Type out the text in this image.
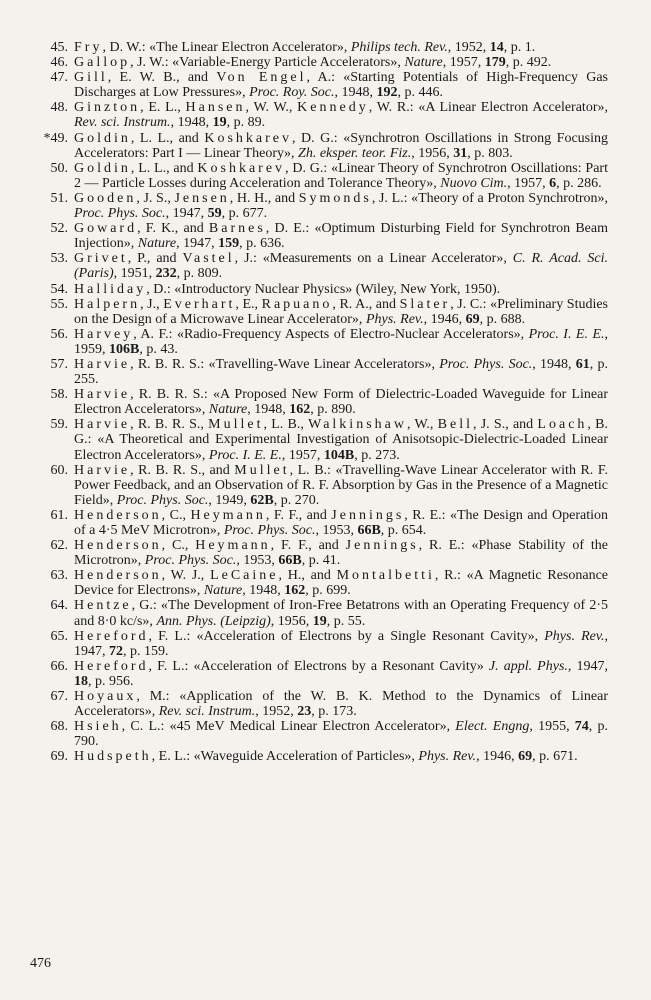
45. Fry, D. W.: «The Linear Electron Accelerator», Philips tech. Rev., 1952, 14, p. 1.
46. Gallop, J. W.: «Variable-Energy Particle Accelerators», Nature, 1957, 179, p. 492.
47. Gill, E. W. B., and Von Engel, A.: «Starting Potentials of High-Frequency Gas Discharges at Low Pressures», Proc. Roy. Soc., 1948, 192, p. 446.
48. Ginzton, E. L., Hansen, W. W., Kennedy, W. R.: «A Linear Electron Accelerator», Rev. sci. Instrum., 1948, 19, p. 89.
*49. Goldin, L. L., and Koshkarev, D. G.: «Synchrotron Oscillations in Strong Focusing Accelerators: Part I — Linear Theory», Zh. eksper. teor. Fiz., 1956, 31, p. 803.
50. Goldin, L. L., and Koshkarev, D. G.: «Linear Theory of Synchrotron Oscillations: Part 2 — Particle Losses during Acceleration and Tolerance Theory», Nuovo Cim., 1957, 6, p. 286.
51. Gooden, J. S., Jensen, H. H., and Symonds, J. L.: «Theory of a Proton Synchrotron», Proc. Phys. Soc., 1947, 59, p. 677.
52. Goward, F. K., and Barnes, D. E.: «Optimum Disturbing Field for Synchrotron Beam Injection», Nature, 1947, 159, p. 636.
53. Grivet, P., and Vastel, J.: «Measurements on a Linear Accelerator», C. R. Acad. Sci. (Paris), 1951, 232, p. 809.
54. Halliday, D.: «Introductory Nuclear Physics» (Wiley, New York, 1950).
55. Halpern, J., Everhart, E., Rapuano, R. A., and Slater, J. C.: «Preliminary Studies on the Design of a Microwave Linear Accelerator», Phys. Rev., 1946, 69, p. 688.
56. Harvey, A. F.: «Radio-Frequency Aspects of Electro-Nuclear Accelerators», Proc. I. E. E., 1959, 106B, p. 43.
57. Harvie, R. B. R. S.: «Travelling-Wave Linear Accelerators», Proc. Phys. Soc., 1948, 61, p. 255.
58. Harvie, R. B. R. S.: «A Proposed New Form of Dielectric-Loaded Waveguide for Linear Electron Accelerators», Nature, 1948, 162, p. 890.
59. Harvie, R. B. R. S., Mullet, L. B., Walkinshaw, W., Bell, J. S., and Loach, B. G.: «A Theoretical and Experimental Investigation of Anisotsopic-Dielectric-Loaded Linear Electron Accelerators», Proc. I. E. E., 1957, 104B, p. 273.
60. Harvie, R. B. R. S., and Mullet, L. B.: «Travelling-Wave Linear Accelerator with R. F. Power Feedback, and an Observation of R. F. Absorption by Gas in the Presence of a Magnetic Field», Proc. Phys. Soc., 1949, 62B, p. 270.
61. Henderson, C., Heymann, F. F., and Jennings, R. E.: «The Design and Operation of a 4·5 MeV Microtron», Proc. Phys. Soc., 1953, 66B, p. 654.
62. Henderson, C., Heymann, F. F., and Jennings, R. E.: «Phase Stability of the Microtron», Proc. Phys. Soc., 1953, 66B, p. 41.
63. Henderson, W. J., LeCaine, H., and Montalbetti, R.: «A Magnetic Resonance Device for Electrons», Nature, 1948, 162, p. 699.
64. Hentze, G.: «The Development of Iron-Free Betatrons with an Operating Frequency of 2·5 and 8·0 kc/s», Ann. Phys. (Leipzig), 1956, 19, p. 55.
65. Hereford, F. L.: «Acceleration of Electrons by a Single Resonant Cavity», Phys. Rev., 1947, 72, p. 159.
66. Hereford, F. L.: «Acceleration of Electrons by a Resonant Cavity» J. appl. Phys., 1947, 18, p. 956.
67. Hoyaux, M.: «Application of the W. B. K. Method to the Dynamics of Linear Accelerators», Rev. sci. Instrum., 1952, 23, p. 173.
68. Hsieh, C. L.: «45 MeV Medical Linear Electron Accelerator», Elect. Engng, 1955, 74, p. 790.
69. Hudspeth, E. L.: «Waveguide Acceleration of Particles», Phys. Rev., 1946, 69, p. 671.
476
